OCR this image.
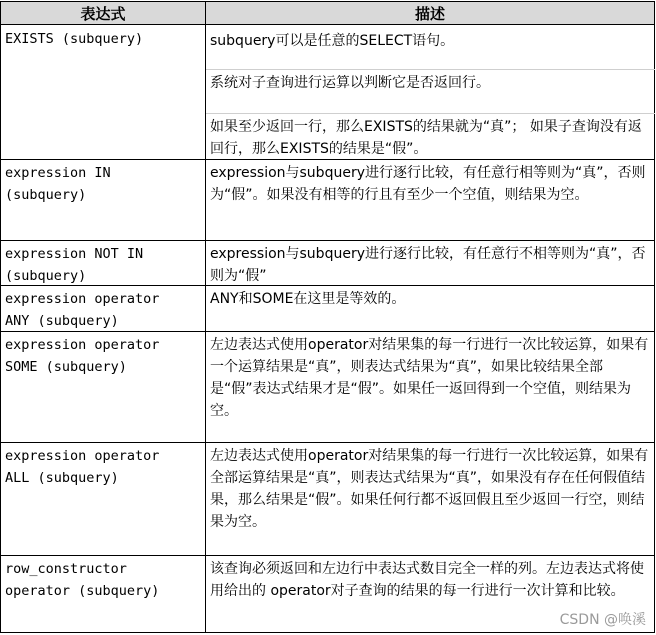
表达式	描述
EXISTS (subquery)	subquery可以是任意的SELECT语句。
系统对子查询进行运算以判断它是否返回行。
如果至少返回一行，那么EXISTS的结果就为“真”； 如果子查询没有返回行，那么EXISTS的结果是“假”。
expression IN
(subquery)
expression与subquery进行逐行比较，有任意行相等则为“真”，否则为“假”。如果没有相等的行且有至少一个空值，则结果为空。
expression NOT IN
(subquery)
expression与subquery进行逐行比较，有任意行不相等则为“真”，否则为“假”
expression operator
ANY (subquery)
ANY和SOME在这里是等效的。
expression operator
SOME (subquery)
左边表达式使用operator对结果集的每一行进行一次比较运算，如果有一个运算结果是“真”，则表达式结果为“真”，如果比较结果全部是“假”表达式结果才是“假”。如果任一返回得到一个空值，则结果为空。
expression operator
ALL (subquery)
左边表达式使用operator对结果集的每一行进行一次比较运算，如果有全部运算结果是“真”，则表达式结果为“真”，如果没有存在任何假值结果，那么结果是“假”。如果任何行都不返回假且至少返回一行空，则结果为空。
row_constructor
operator (subquery)
该查询必须返回和左边行中表达式数目完全一样的列。左边表达式将使用给出的 operator对子查询的结果的每一行进行一次计算和比较。
CSDN @唤溪
